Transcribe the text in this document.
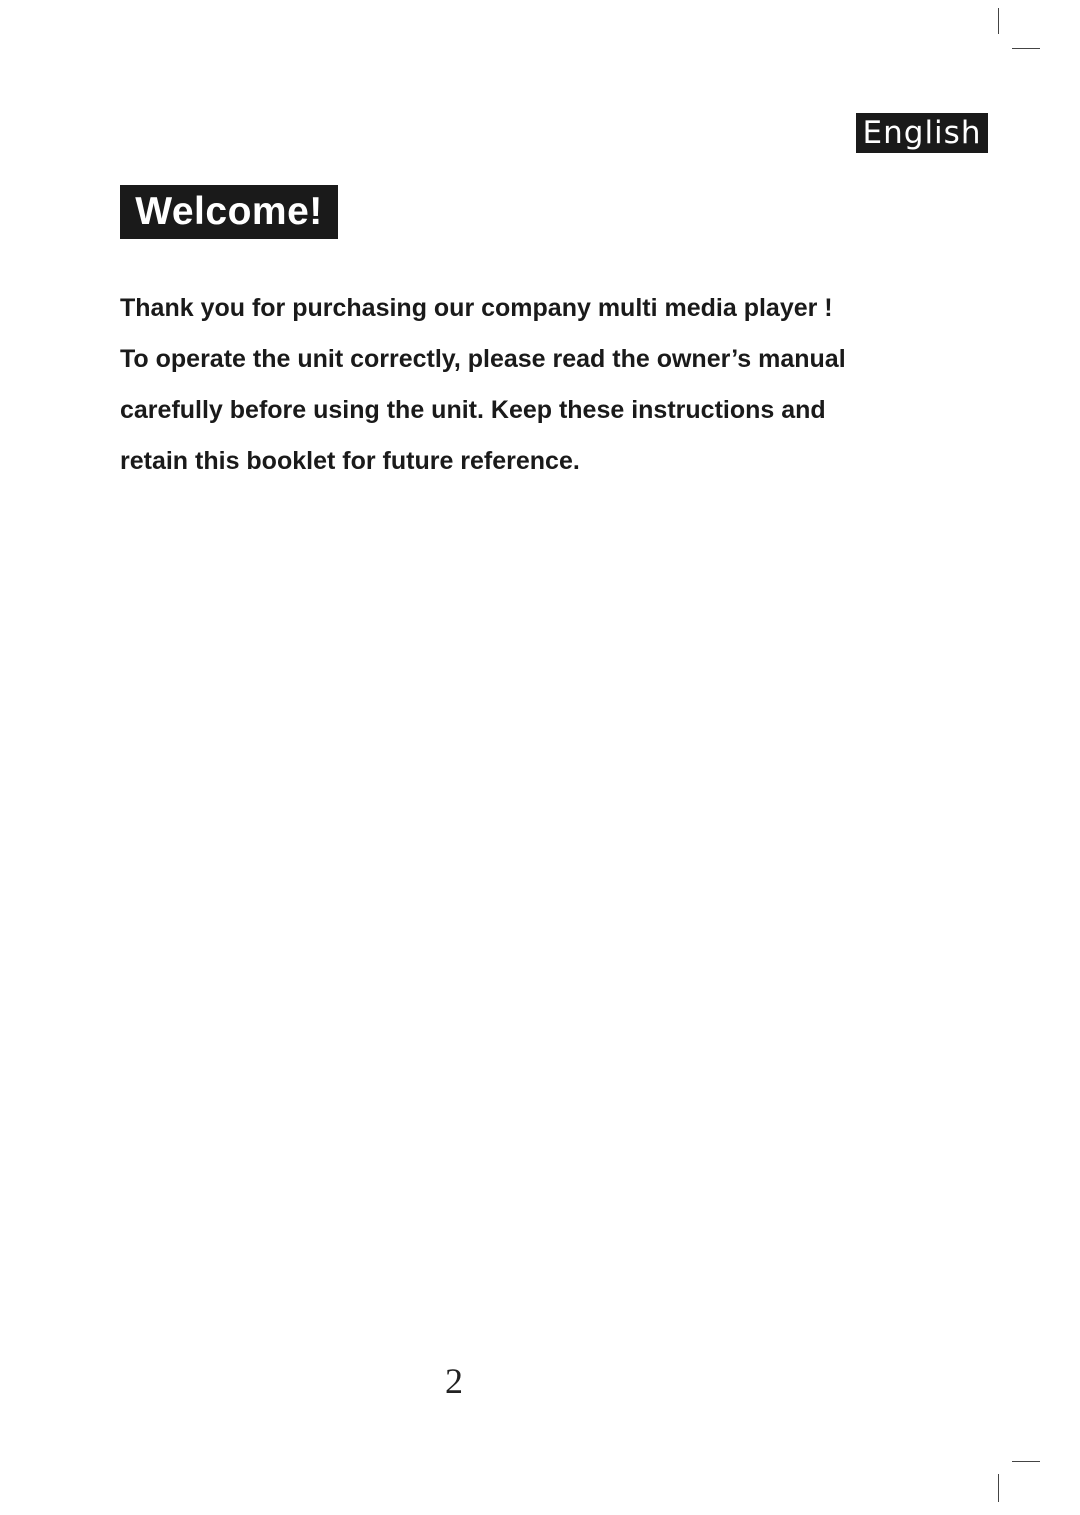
English
Welcome!

Thank you for purchasing our company multi media player !
To operate the unit correctly, please read the owner’s manual
carefully before using the unit. Keep these instructions and
retain this booklet for future reference.

2
